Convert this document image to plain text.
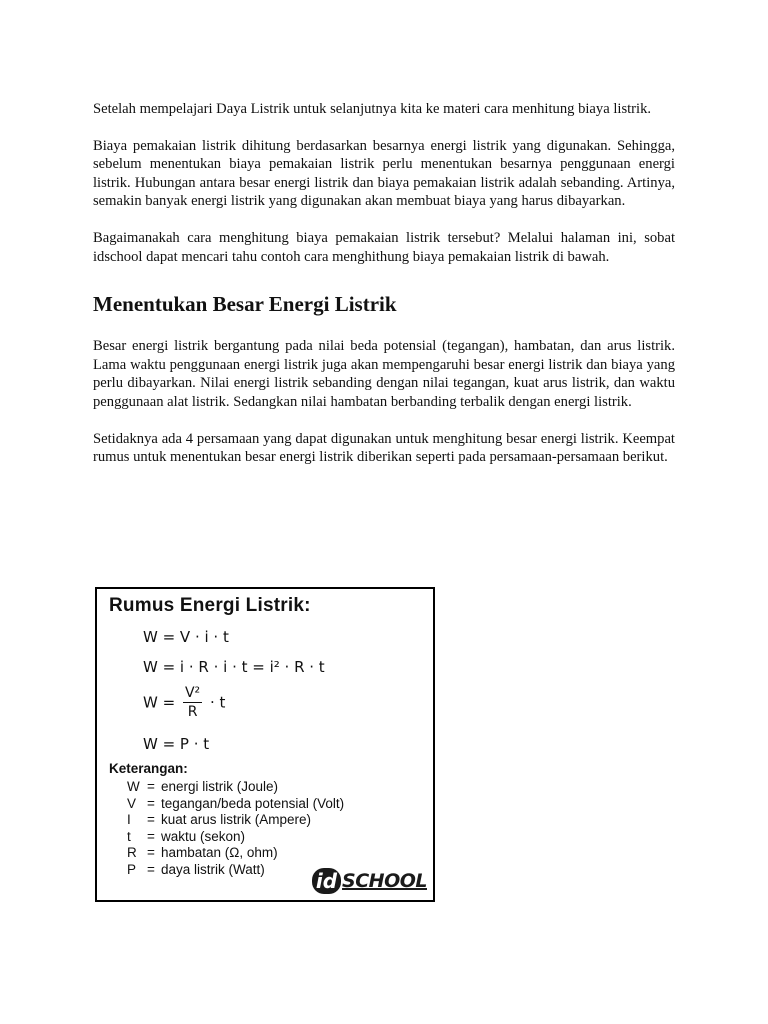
Setelah mempelajari Daya Listrik untuk selanjutnya kita ke materi cara menhitung biaya listrik.

Biaya pemakaian listrik dihitung berdasarkan besarnya energi listrik yang digunakan. Sehingga, sebelum menentukan biaya pemakaian listrik perlu menentukan besarnya penggunaan energi listrik. Hubungan antara besar energi listrik dan biaya pemakaian listrik adalah sebanding. Artinya, semakin banyak energi listrik yang digunakan akan membuat biaya yang harus dibayarkan.

Bagaimanakah cara menghitung biaya pemakaian listrik tersebut? Melalui halaman ini, sobat idschool dapat mencari tahu contoh cara menghithung biaya pemakaian listrik di bawah.

Menentukan Besar Energi Listrik

Besar energi listrik bergantung pada nilai beda potensial (tegangan), hambatan, dan arus listrik. Lama waktu penggunaan energi listrik juga akan mempengaruhi besar energi listrik dan biaya yang perlu dibayarkan. Nilai energi listrik sebanding dengan nilai tegangan, kuat arus listrik, dan waktu penggunaan alat listrik. Sedangkan nilai hambatan berbanding terbalik dengan energi listrik.

Setidaknya ada 4 persamaan yang dapat digunakan untuk menghitung besar energi listrik. Keempat rumus untuk menentukan besar energi listrik diberikan seperti pada persamaan-persamaan berikut.

Rumus Energi Listrik:
W = V · i · t
W = i · R · i · t = i² · R · t
$W = \frac{\text{V²}}{R} \cdot t$
W = P · t
Keterangan:
W = energi listrik (Joule)
V = tegangan/beda potensial (Volt)
I	= kuat arus listrik (Ampere)
t	= waktu (sekon)
R = hambatan (Ω, ohm)
P = daya listrik (Watt)	id SCHOOL
